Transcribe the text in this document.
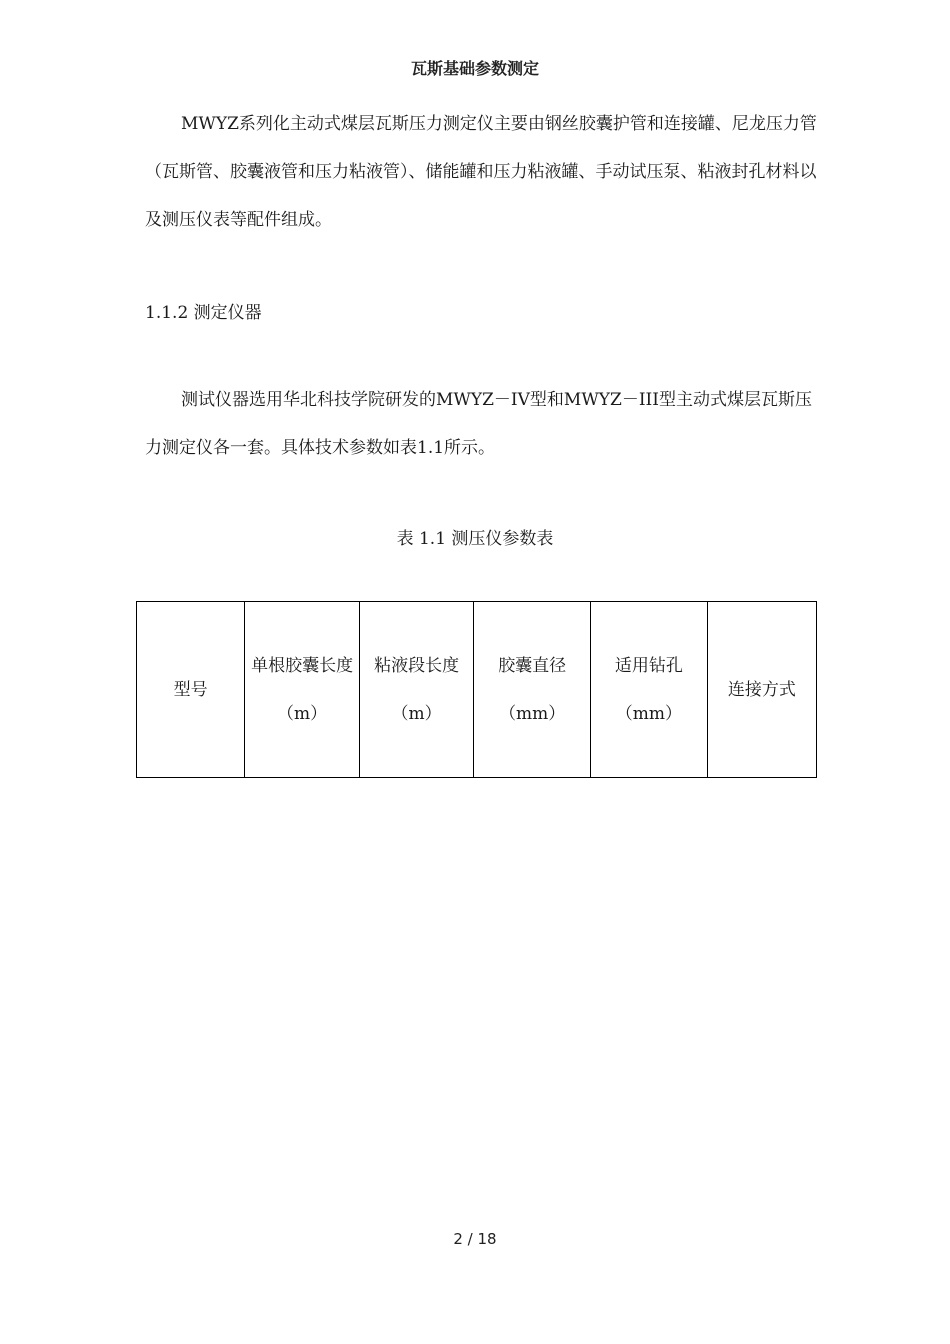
瓦斯基础参数测定

MWYZ系列化主动式煤层瓦斯压力测定仪主要由钢丝胶囊护管和连接罐、尼龙压力管（瓦斯管、胶囊液管和压力粘液管）、储能罐和压力粘液罐、手动试压泵、粘液封孔材料以及测压仪表等配件组成。

1.1.2 测定仪器

测试仪器选用华北科技学院研发的MWYZ－IV型和MWYZ－III型主动式煤层瓦斯压力测定仪各一套。具体技术参数如表1.1所示。

表 1.1 测压仪参数表
型号	单根胶囊长度（m）	粘液段长度（m）	胶囊直径（mm）	适用钻孔（mm）	连接方式
2 / 18
